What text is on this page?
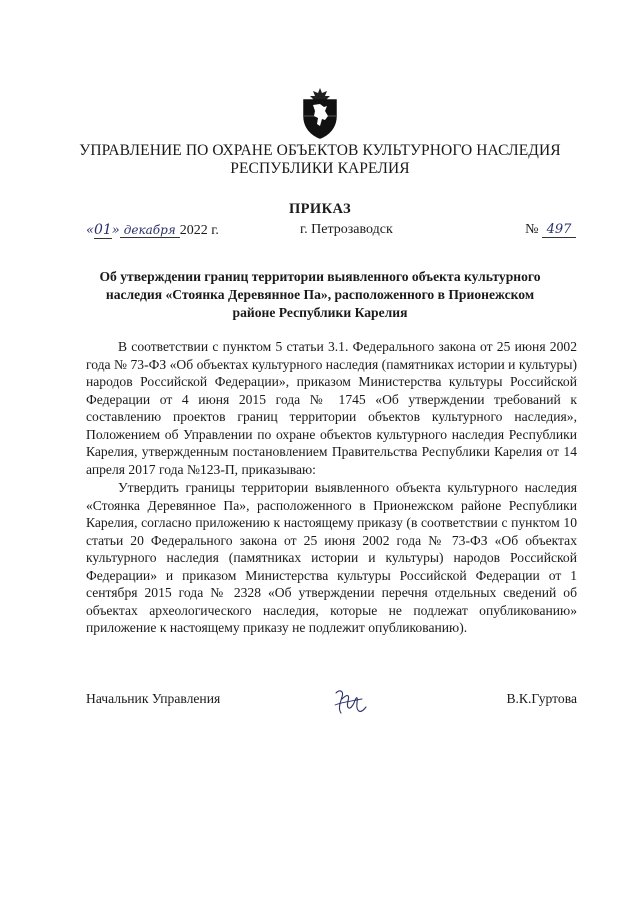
УПРАВЛЕНИЕ ПО ОХРАНЕ ОБЪЕКТОВ КУЛЬТУРНОГО НАСЛЕДИЯ
РЕСПУБЛИКИ КАРЕЛИЯ
ПРИКАЗ
«01» декабря 2022 г.	г. Петрозаводск	№ 497
Об утверждении границ территории выявленного объекта культурного наследия «Стоянка Деревянное Па», расположенного в Прионежском районе Республики Карелия

В соответствии с пунктом 5 статьи 3.1. Федерального закона от 25 июня 2002 года № 73-ФЗ «Об объектах культурного наследия (памятниках истории и культуры) народов Российской Федерации», приказом Министерства культуры Российской Федерации от 4 июня 2015 года № 1745 «Об утверждении требований к составлению проектов границ территории объектов культурного наследия», Положением об Управлении по охране объектов культурного наследия Республики Карелия, утвержденным постановлением Правительства Республики Карелия от 14 апреля 2017 года №123-П, приказываю:

Утвердить границы территории выявленного объекта культурного наследия «Стоянка Деревянное Па», расположенного в Прионежском районе Республики Карелия, согласно приложению к настоящему приказу (в соответствии с пунктом 10 статьи 20 Федерального закона от 25 июня 2002 года № 73-ФЗ «Об объектах культурного наследия (памятниках истории и культуры) народов Российской Федерации» и приказом Министерства культуры Российской Федерации от 1 сентября 2015 года № 2328 «Об утверждении перечня отдельных сведений об объектах археологического наследия, которые не подлежат опубликованию» приложение к настоящему приказу не подлежит опубликованию).

Начальник Управления	В.К.Гуртова
